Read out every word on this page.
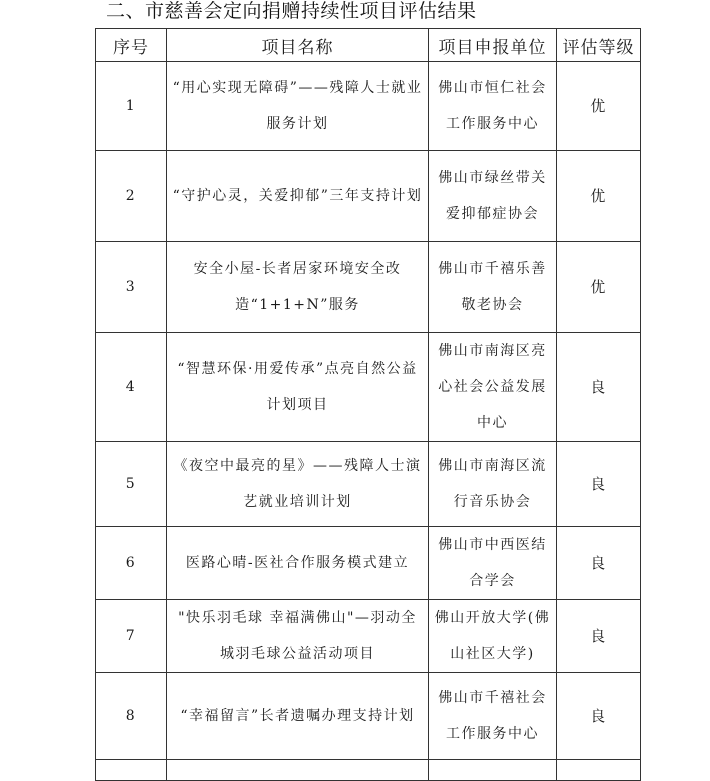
二、市慈善会定向捐赠持续性项目评估结果
序号	项目名称	项目申报单位	评估等级
1	“用心实现无障碍”——残障人士就业服务计划	佛山市恒仁社会工作服务中心	优
2	“守护心灵，关爱抑郁”三年支持计划	佛山市绿丝带关爱抑郁症协会	优
3	安全小屋-长者居家环境安全改造“1+1+N”服务	佛山市千禧乐善敬老协会	优
4	“智慧环保·用爱传承”点亮自然公益计划项目	佛山市南海区亮心社会公益发展中心	良
5	《夜空中最亮的星》——残障人士演艺就业培训计划	佛山市南海区流行音乐协会	良
6	医路心晴-医社合作服务模式建立	佛山市中西医结合学会	良
7	"快乐羽毛球 幸福满佛山"—羽动全城羽毛球公益活动项目	佛山开放大学(佛山社区大学)	良
8	“幸福留言”长者遗嘱办理支持计划	佛山市千禧社会工作服务中心	良
